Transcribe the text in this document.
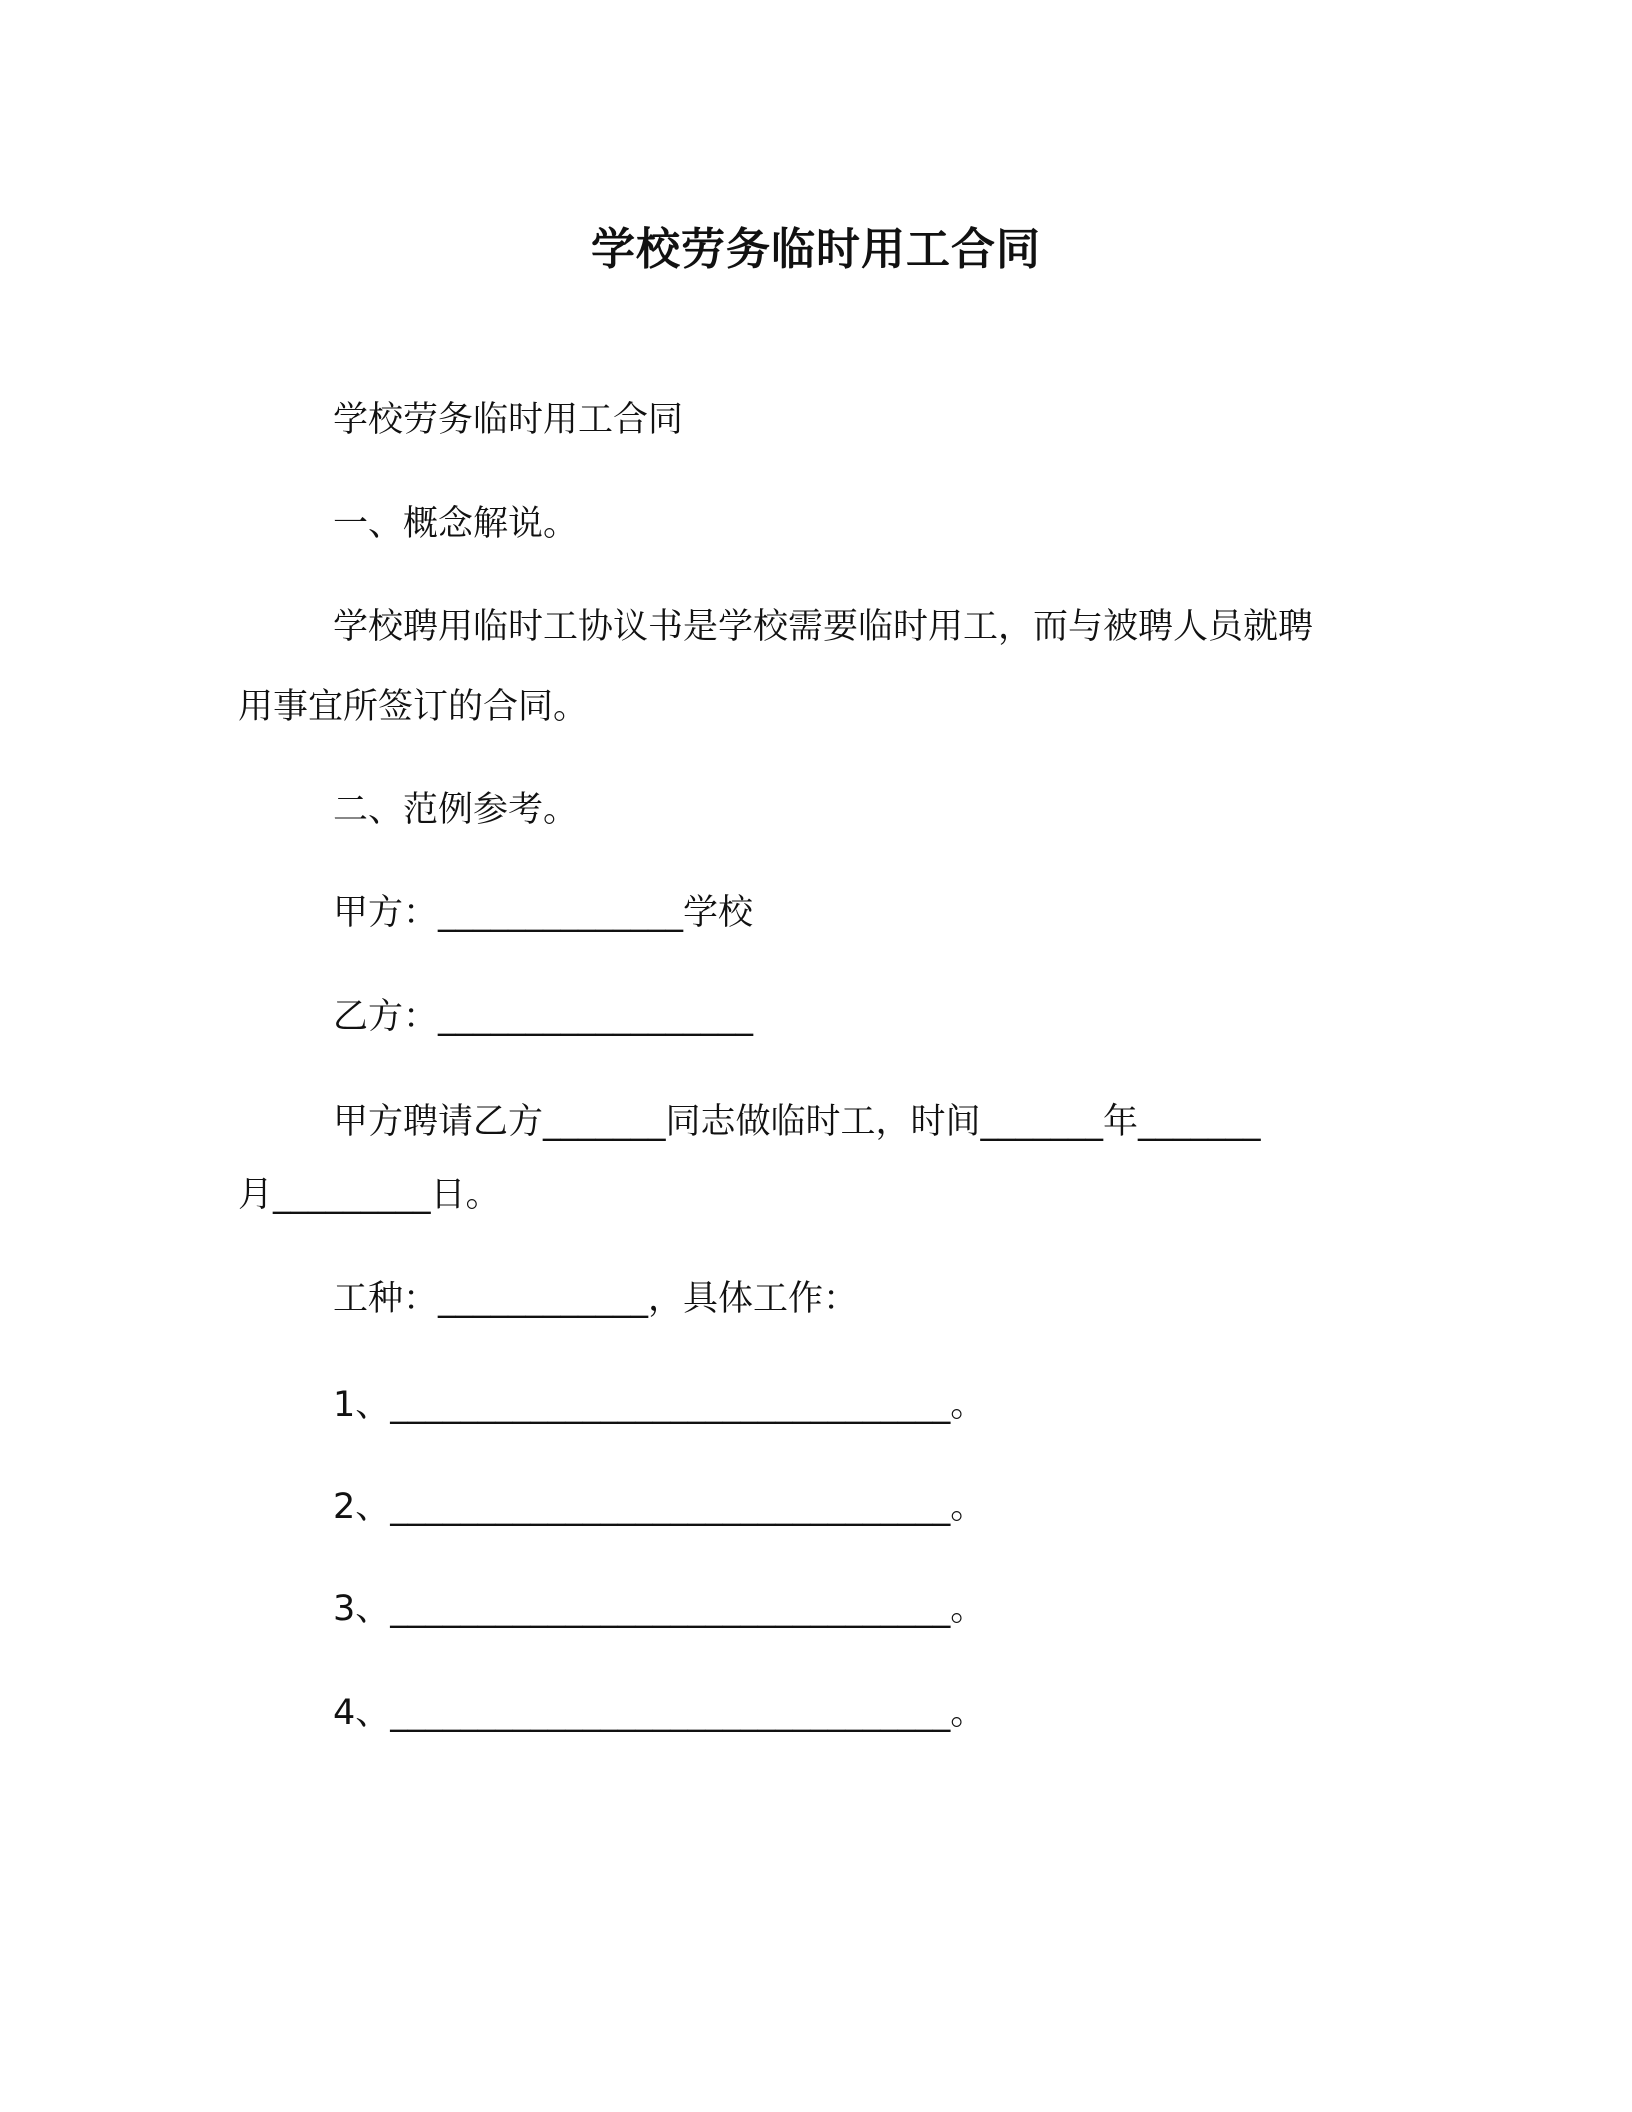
学校劳务临时用工合同
学校劳务临时用工合同
一、概念解说。
学校聘用临时工协议书是学校需要临时用工，而与被聘人员就聘
用事宜所签订的合同。
二、范例参考。
甲方：______________学校
乙方：__________________
甲方聘请乙方_______同志做临时工，时间_______年_______
月_________日。
工种：____________，具体工作：
1、________________________________。
2、________________________________。
3、________________________________。
4、________________________________。
